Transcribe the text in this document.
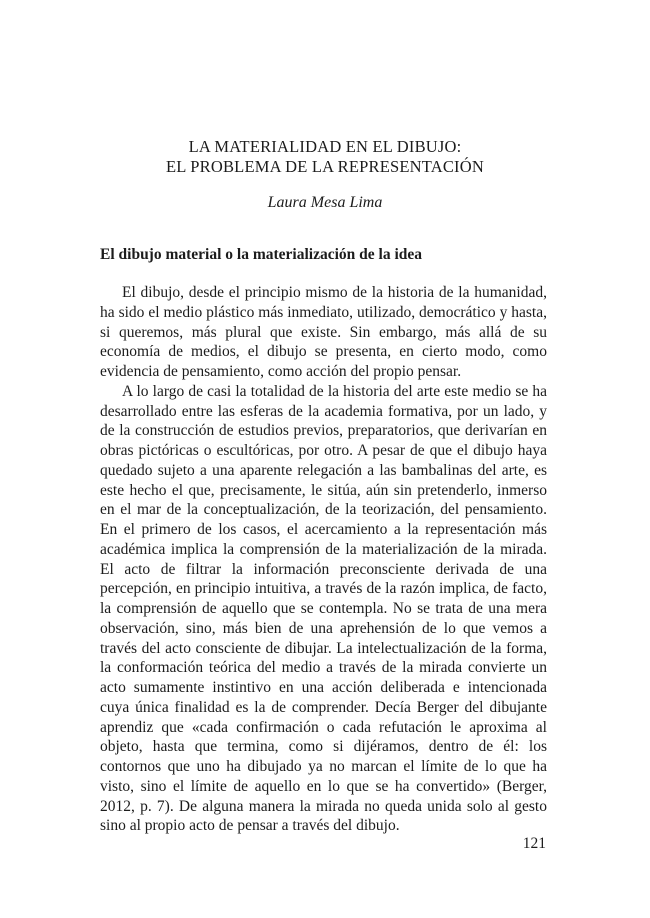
LA MATERIALIDAD EN EL DIBUJO:
EL PROBLEMA DE LA REPRESENTACIÓN
Laura Mesa Lima
El dibujo material o la materialización de la idea

El dibujo, desde el principio mismo de la historia de la humanidad, ha sido el medio plástico más inmediato, utilizado, democrático y hasta, si queremos, más plural que existe. Sin embargo, más allá de su economía de medios, el dibujo se presenta, en cierto modo, como evidencia de pensamiento, como acción del propio pensar.

A lo largo de casi la totalidad de la historia del arte este medio se ha desarrollado entre las esferas de la academia formativa, por un lado, y de la construcción de estudios previos, preparatorios, que derivarían en obras pictóricas o escultóricas, por otro. A pesar de que el dibujo haya quedado sujeto a una aparente relegación a las bambalinas del arte, es este hecho el que, precisamente, le sitúa, aún sin pretenderlo, inmerso en el mar de la conceptualización, de la teorización, del pensamiento. En el primero de los casos, el acercamiento a la representación más académica implica la comprensión de la materialización de la mirada. El acto de filtrar la información preconsciente derivada de una percepción, en principio intuitiva, a través de la razón implica, de facto, la comprensión de aquello que se contempla. No se trata de una mera observación, sino, más bien de una aprehensión de lo que vemos a través del acto consciente de dibujar. La intelectualización de la forma, la conformación teórica del medio a través de la mirada convierte un acto sumamente instintivo en una acción deliberada e intencionada cuya única finalidad es la de comprender. Decía Berger del dibujante aprendiz que «cada confirmación o cada refutación le aproxima al objeto, hasta que termina, como si dijéramos, dentro de él: los contornos que uno ha dibujado ya no marcan el límite de lo que ha visto, sino el límite de aquello en lo que se ha convertido» (Berger, 2012, p. 7). De alguna manera la mirada no queda unida solo al gesto sino al propio acto de pensar a través del dibujo.

121
